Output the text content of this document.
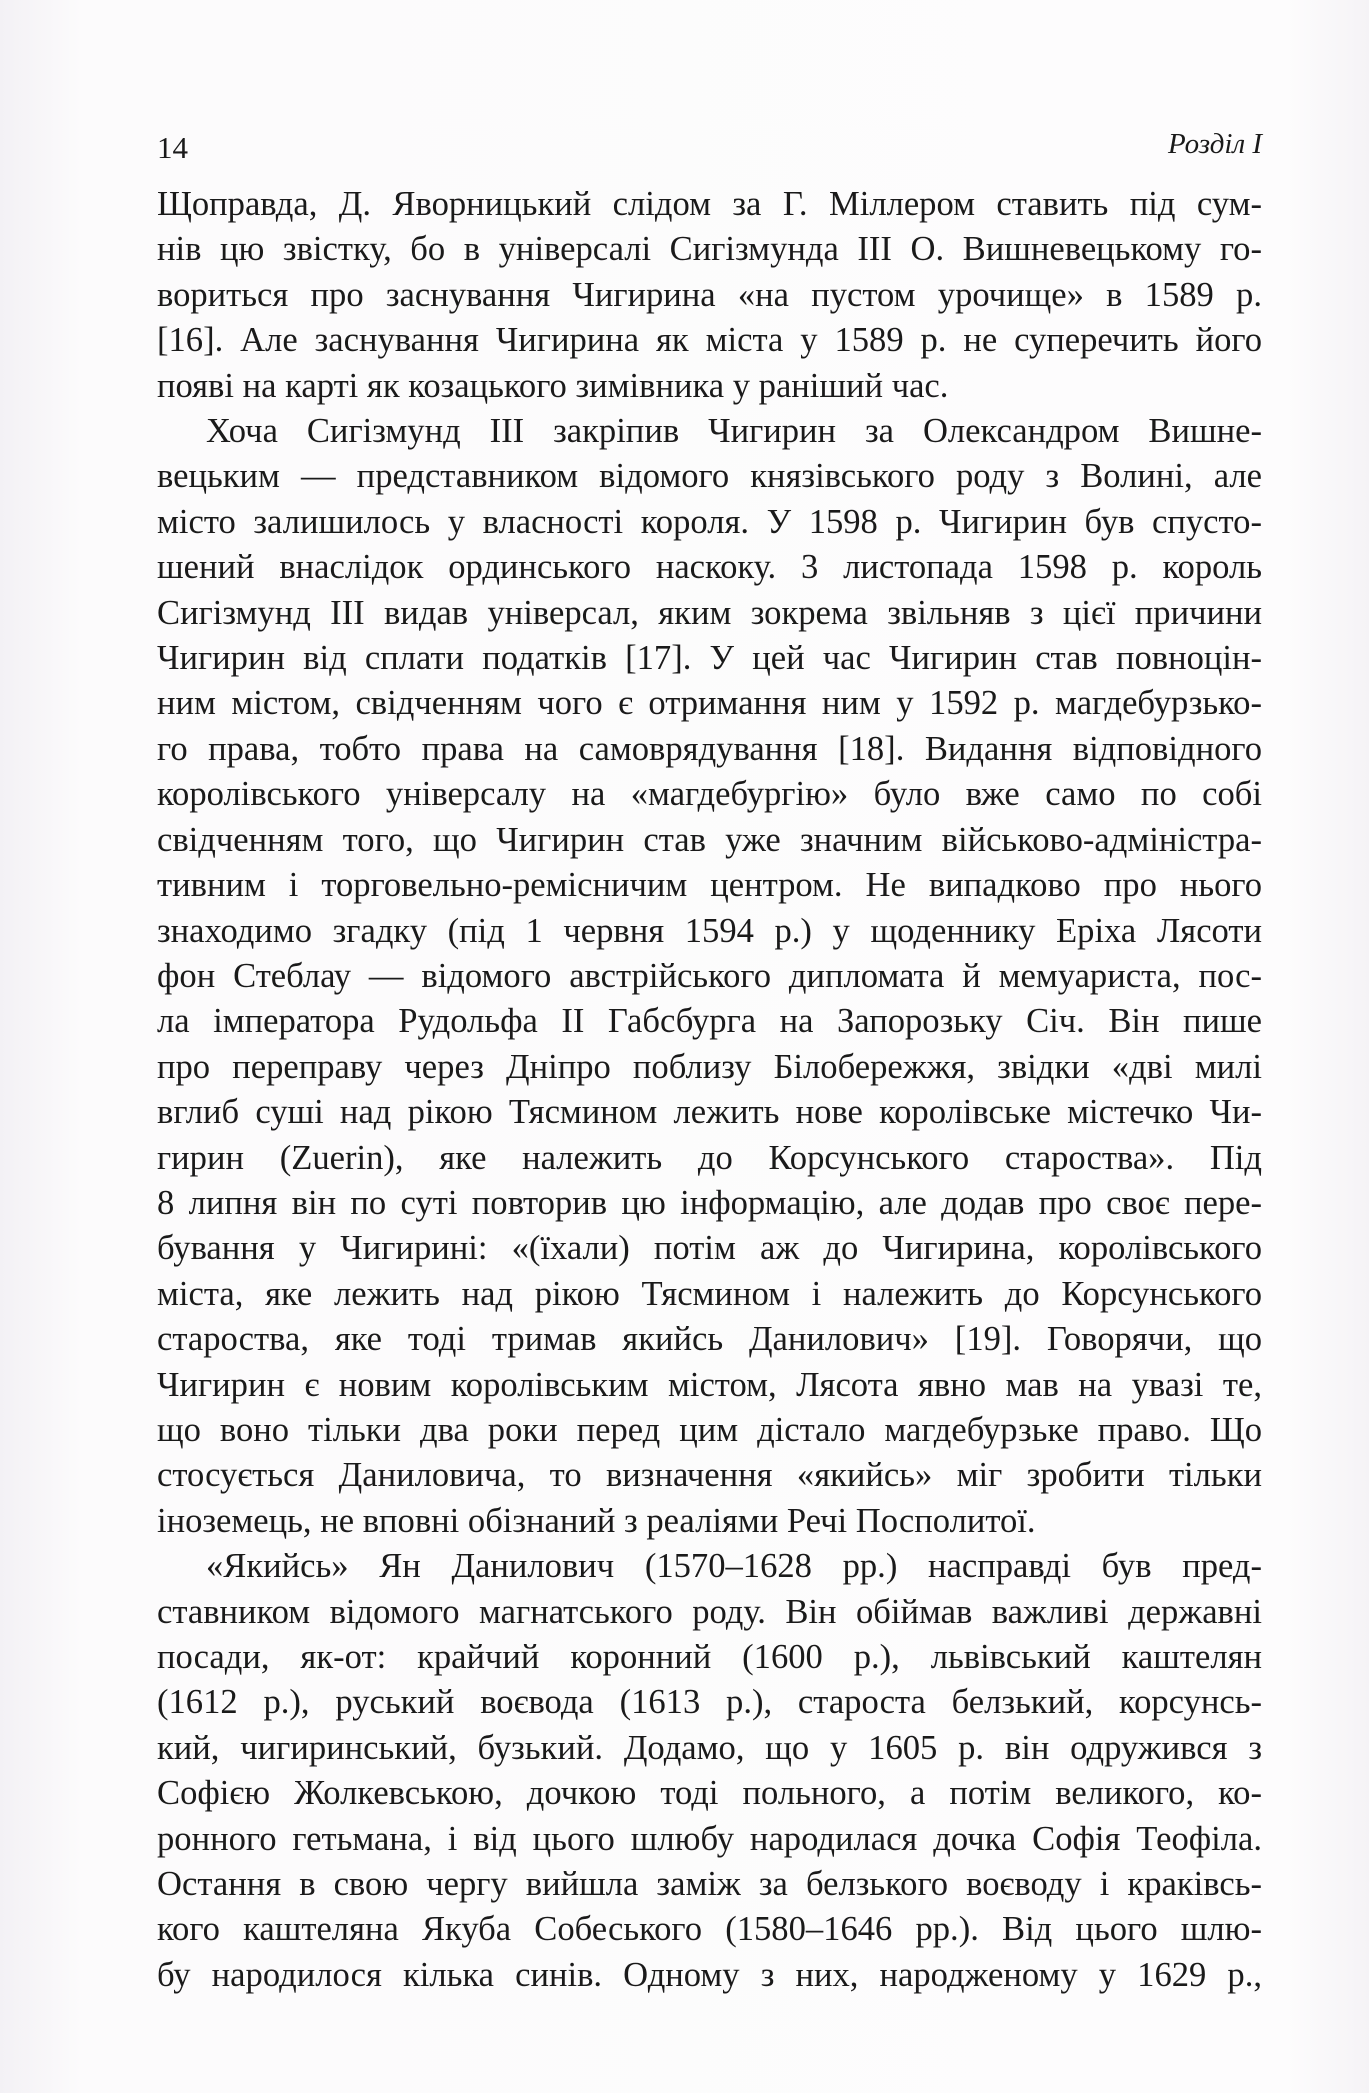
14	Розділ І
Щоправда, Д. Яворницький слідом за Г. Міллером ставить під сум-
нів цю звістку, бо в універсалі Сигізмунда ІІІ О. Вишневецькому го-
вориться про заснування Чигирина «на пустом урочище» в 1589 р.
[16]. Але заснування Чигирина як міста у 1589 р. не суперечить його
появі на карті як козацького зимівника у раніший час.
Хоча Сигізмунд ІІІ закріпив Чигирин за Олександром Вишне-
вецьким — представником відомого князівського роду з Волині, але
місто залишилось у власності короля. У 1598 р. Чигирин був спусто-
шений внаслідок ординського наскоку. 3 листопада 1598 р. король
Сигізмунд ІІІ видав універсал, яким зокрема звільняв з цієї причини
Чигирин від сплати податків [17]. У цей час Чигирин став повноцін-
ним містом, свідченням чого є отримання ним у 1592 р. магдебурзько-
го права, тобто права на самоврядування [18]. Видання відповідного
королівського універсалу на «магдебургію» було вже само по собі
свідченням того, що Чигирин став уже значним військово-адміністра-
тивним і торговельно-ремісничим центром. Не випадково про нього
знаходимо згадку (під 1 червня 1594 р.) у щоденнику Еріха Лясоти
фон Стеблау — відомого австрійського дипломата й мемуариста, пос-
ла імператора Рудольфа ІІ Габсбурга на Запорозьку Січ. Він пише
про переправу через Дніпро поблизу Білобережжя, звідки «дві милі
вглиб суші над рікою Тясмином лежить нове королівське містечко Чи-
гирин (Zuerin), яке належить до Корсунського староства». Під
8 липня він по суті повторив цю інформацію, але додав про своє пере-
бування у Чигирині: «(їхали) потім аж до Чигирина, королівського
міста, яке лежить над рікою Тясмином і належить до Корсунського
староства, яке тоді тримав якийсь Данилович» [19]. Говорячи, що
Чигирин є новим королівським містом, Лясота явно мав на увазі те,
що воно тільки два роки перед цим дістало магдебурзьке право. Що
стосується Даниловича, то визначення «якийсь» міг зробити тільки
іноземець, не вповні обізнаний з реаліями Речі Посполитої.
«Якийсь» Ян Данилович (1570–1628 рр.) насправді був пред-
ставником відомого магнатського роду. Він обіймав важливі державні
посади, як-от: крайчий коронний (1600 р.), львівський каштелян
(1612 р.), руський воєвода (1613 р.), староста белзький, корсунсь-
кий, чигиринський, бузький. Додамо, що у 1605 р. він одружився з
Софією Жолкевською, дочкою тоді польного, а потім великого, ко-
ронного гетьмана, і від цього шлюбу народилася дочка Софія Теофіла.
Остання в свою чергу вийшла заміж за белзького воєводу і краківсь-
кого каштеляна Якуба Собеського (1580–1646 рр.). Від цього шлю-
бу народилося кілька синів. Одному з них, народженому у 1629 р.,
